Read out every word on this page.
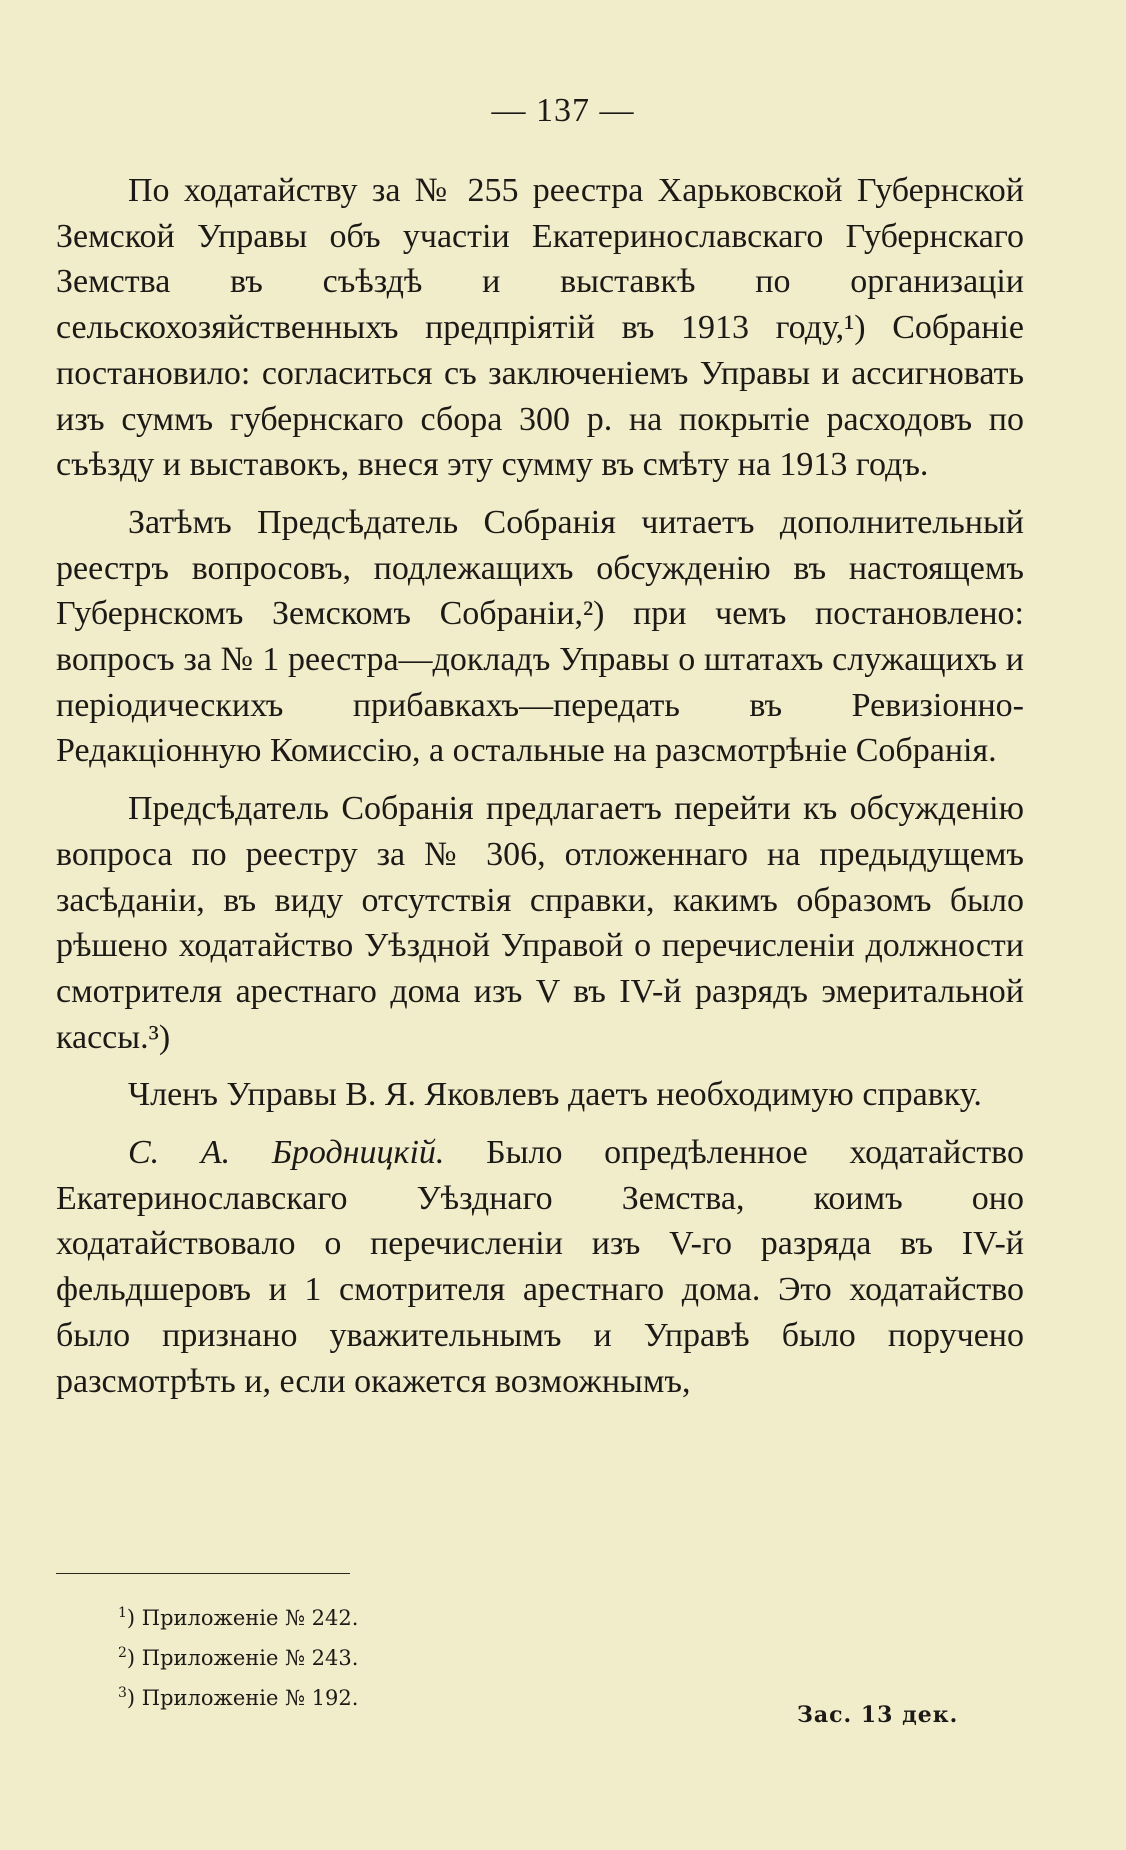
— 137 —

По ходатайству за № 255 реестра Харьковской Губернской Земской Управы объ участіи Екатеринославскаго Губернскаго Земства въ съѣздѣ и выставкѣ по организаціи сельскохозяйственныхъ предпріятій въ 1913 году,¹) Собраніе постановило: согласиться съ заключеніемъ Управы и ассигновать изъ суммъ губернскаго сбора 300 р. на покрытіе расходовъ по съѣзду и выставокъ, внеся эту сумму въ смѣту на 1913 годъ.

Затѣмъ Предсѣдатель Собранія читаетъ дополнительный реестръ вопросовъ, подлежащихъ обсужденію въ настоящемъ Губернскомъ Земскомъ Собраніи,²) при чемъ постановлено: вопросъ за № 1 реестра—докладъ Управы о штатахъ служащихъ и періодическихъ прибавкахъ—передать въ Ревизіонно-Редакціонную Комиссію, а остальные на разсмотрѣніе Собранія.

Предсѣдатель Собранія предлагаетъ перейти къ обсужденію вопроса по реестру за № 306, отложеннаго на предыдущемъ засѣданіи, въ виду отсутствія справки, какимъ образомъ было рѣшено ходатайство Уѣздной Управой о перечисленіи должности смотрителя арестнаго дома изъ V въ IV-й разрядъ эмеритальной кассы.³)

Членъ Управы В. Я. Яковлевъ даетъ необходимую справку.

С. А. Бродницкій. Было опредѣленное ходатайство Екатеринославскаго Уѣзднаго Земства, коимъ оно ходатайствовало о перечисленіи изъ V-го разряда въ IV-й фельдшеровъ и 1 смотрителя арестнаго дома. Это ходатайство было признано уважительнымъ и Управѣ было поручено разсмотрѣть и, если окажется возможнымъ,

$^1$) Приложеніе № 242.
$^2$) Приложеніе № 243.
$^3$) Приложеніе № 192.
Зас. 13 дек.
